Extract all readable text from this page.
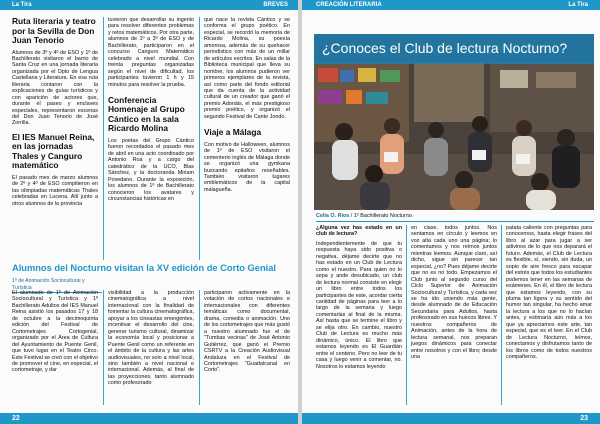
La Tira	BREVES
Ruta literaria y teatro por la Sevilla de Don Juan Tenorio

Alumnos de 3º y 4º de ESO y 1º de Bachillerato visitaron el barrio de Santa Cruz en una jornada literaria organizada por el Dpto de Lengua Castellana y Literatura. En esa ruta literaria contaron con la explicaciones de guías turísticos y con aparición de actores que, durante el paseo y enclaves especiales, representaron escenas del Don Juan Tenorio de José Zorrilla.

El IES Manuel Reina, en las jornadas Thales y Canguro matemático

El pasado mes de marzo alumnos de 2º y 4º de ESO compitieron en las olimpiadas matemáticas Thales celebradas en Lucena. Allí junto a otros alumnos de la provincia

tuvieron que desarrollar su ingenio para resolver diferentes problemas y retos matemáticos. Por otra parte, alumnos de 1º a 3º de ESO y de Bachillerato, participaron en el concurso Canguro Matemático celebrado a nivel mundial. Con treinta preguntas organizadas según el nivel de dificultad, los participantes tuvieron 1 h y 15 minutos para resolver la prueba.

Conferencia Homenaje al Grupo Cántico en la sala Ricardo Molina

Los poetas del Grupo Cántico fueron recordados el pasado mes de abril en una acto coordinado por Antonio Roa y a cargo del catedrático de la UCO, Blas Sánchez, y la doctoranda Miriam Povedano. Durante la exposición, los alumnos de 1º de Bachillerato conocieron los avatares y circunstancias históricas en

que nace la revista Cántico y se conforma el grupo poético. En especial, se recordó la memoria de Ricardo Molina, su poesía amorosa, además de su quehacer periodístico con más de un millar de artículos escritos. En salas de la Biblioteca municipal que lleva su nombre, los alumnos pudieron ver primeros ejemplares de la revista, así como parte del fondo editorial que da cuenta de la actividad cultural de un creador que ganó el premio Adonáis, el más prestigioso premio poético, y organizó el segundo Festival de Cante Jondo.

Viaje a Málaga

Con motivo de Halloween, alumnos de 1º de ESO visitaron el cementerio inglés de Málaga donde se organizó una gymkana buscando epitafios reseñables. También visitaron lugares emblemáticos de la capital malagueña.

Alumnos del Nocturno visitan la XV edición de Corto Genial
1º de Animación Sociocultural y Turística

El alumnado de 1º de Animación Sociocultural y Turística y 1º Bachillerato Adultos del IES Manuel Reina asistió los pasados 17 y 18 de octubre a la decimoquinta edición del Festival de Cortometrajes Cortogenial, organizado por el Área de Cultura del Ayuntamiento de Puente Genil, que tuvo lugar en el Teatro Circo. Este Festival se creó con el objetivo de promover el cine, en especial, el cortometraje, y dar

visibilidad a la producción cinematográfica a nivel internacional con la finalidad de fomentar la cultura cinematográfica, apoyar a los cineastas emergentes, incentivar el desarrollo del cine, generar turismo cultural, dinamizar la economía local y posicionar a Puente Genil como un referente en el ámbito de la cultura y las artes audiovisuales, no solo a nivel local, sino también a nivel nacional e internacional. Además, al final de las proyecciones, tanto alumnado como profesorado

participaron activamente en la votación de cortos nacionales e internacionales con diferentes temáticas como documental, drama, comedia o animación. Uno de los cortometrajes que más gustó a nuestro alumnado fue el de "Tumbas vecinas" de José Antonio Gutiérrez, que ganó el Premio CSRTV a la Creación Audiovisual Andaluza en el Festival de Cortometrajes "Guadalcanal en Corto".

22
CREACIÓN LITERARIA	La Tira
¿Conoces el Club de lectura Nocturno?
Celia O. Ríos / 1º Bachillerato Nocturno.

¿Alguna vez has estado en un club de lectura?

Independientemente de que tu respuesta haya sido positiva o negativa, déjame decirte que no has estado en un Club de Lectura como el nuestro. Para quien no lo sepa y ande desubicado, un club de lectura normal consiste en elegir un libro entre todos los participantes de este, acordar cierta cantidad de páginas para leer a lo largo de la semana y luego comentarlas al final de la misma. Así hasta que se termine el libro y se elija otro. En cambio, nuestro Club de Lectura es mucho más dinámico, único. El libro que estamos leyendo es El Guardián entre el centeno. Pero no leer de tu casa y luego venir a comentar, no. Nosotros lo estamos leyendo

en clase, todos juntos. Nos sentamos en círculo y leemos en voz alta cada uno una página; lo comentamos y nos reímos juntos mientras leemos. Aunque claro, así dicho, sigue sin parecer tan especial, ¿no? Pues déjame decirte que no es no todo. Empezamos el Club junto al segundo curso del Ciclo Superior de Animación Sociocultural y Turística, y cada vez se ha ido uniendo más gente, desde alumnado de de Educación Secundaria para Adultos, hasta profesorado en sus huecos libres. Y nuestros compañeros de Animación, antes de la hora de lectura semanal, nos preparan juegos dinámicos para conectar entre nosotros y con el libro; desde una

patata caliente con preguntas para conocernos, hasta elegir frases del libro al azar para jugar a ser adivinos de lo que nos deparará el futuro. Además, el Club de Lectura es flexible, sí, siendo, sin duda, un sopio de aire fresco para escapar del estrés que todos los estudiantes podemos tener en las semanas de exámenes. En él, el libro de lectura que estamos leyendo, con su pluma tan ligera y su sentido del humor tan singular, ha hecho amar la lectura a los que no lo hacían antes, y estimaría aún más a los que ya apreciamos este arte, tan especial, que es el leer. En el Club de Lectura Nocturno, leímos, conectamos y disfrutamos tanto de los libros como de todos nuestros compañeros.

23
